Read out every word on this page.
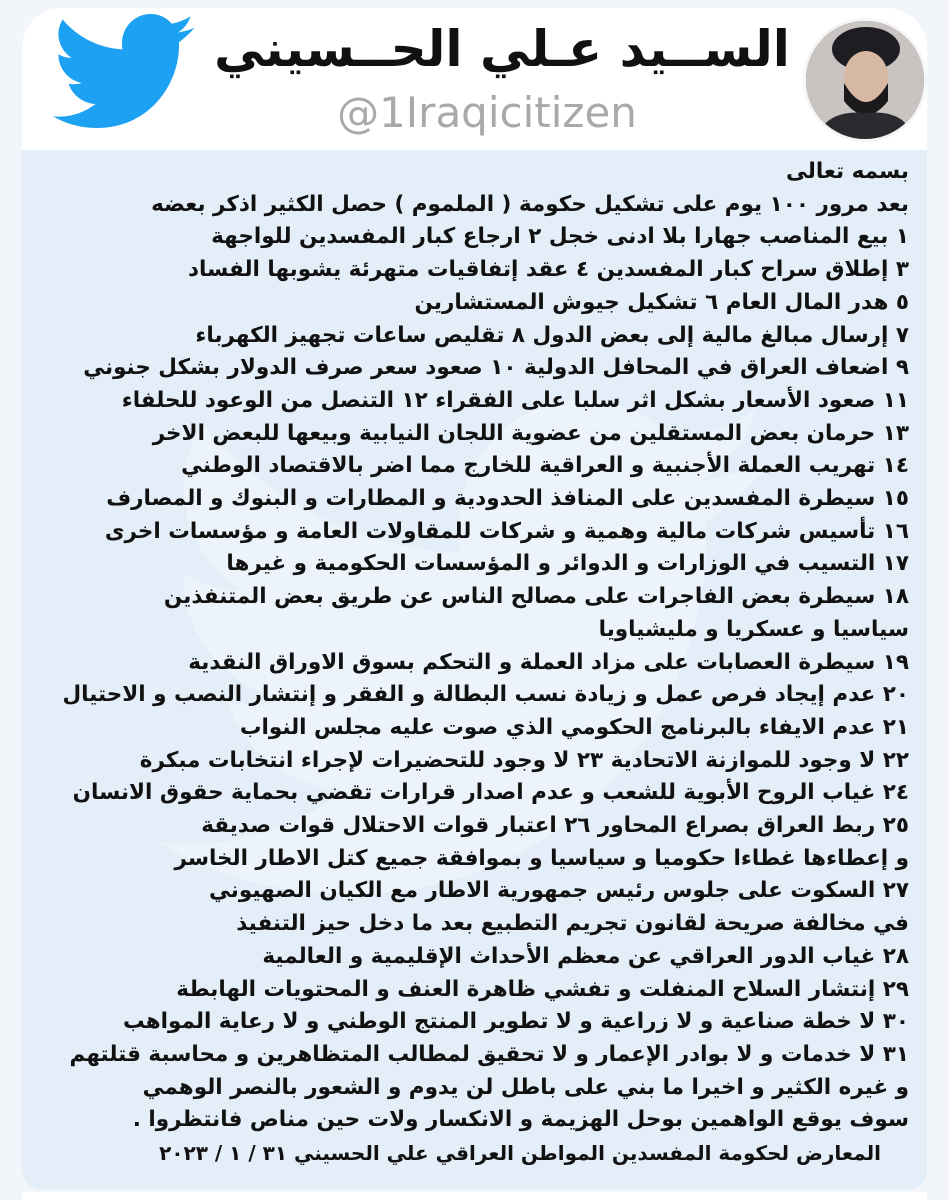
الســيد عـلي الحــسيني
@1Iraqicitizen
بسمه تعالى
بعد مرور ١٠٠ يوم على تشكيل حكومة ( الملموم ) حصل الكثير اذكر بعضه
١ بيع المناصب جهارا بلا ادنى خجل ٢ ارجاع كبار المفسدين للواجهة
٣ إطلاق سراح كبار المفسدين ٤ عقد إتفاقيات متهرئة يشوبها الفساد
٥ هدر المال العام ٦ تشكيل جيوش المستشارين
٧ إرسال مبالغ مالية إلى بعض الدول ٨ تقليص ساعات تجهيز الكهرباء
٩ اضعاف العراق في المحافل الدولية ١٠ صعود سعر صرف الدولار بشكل جنوني
١١ صعود الأسعار بشكل اثر سلبا على الفقراء ١٢ التنصل من الوعود للحلفاء
١٣ حرمان بعض المستقلين من عضوية اللجان النيابية وبيعها للبعض الاخر
١٤ تهريب العملة الأجنبية و العراقية للخارج مما اضر بالاقتصاد الوطني
١٥ سيطرة المفسدين على المنافذ الحدودية و المطارات و البنوك و المصارف
١٦ تأسيس شركات مالية وهمية و شركات للمقاولات العامة و مؤسسات اخرى
١٧ التسيب في الوزارات و الدوائر و المؤسسات الحكومية و غيرها
١٨ سيطرة بعض الفاجرات على مصالح الناس عن طريق بعض المتنفذين
سياسيا و عسكريا و مليشياويا
١٩ سيطرة العصابات على مزاد العملة و التحكم بسوق الاوراق النقدية
٢٠ عدم إيجاد فرص عمل و زيادة نسب البطالة و الفقر و إنتشار النصب و الاحتيال
٢١ عدم الايفاء بالبرنامج الحكومي الذي صوت عليه مجلس النواب
٢٢ لا وجود للموازنة الاتحادية ٢٣ لا وجود للتحضيرات لإجراء انتخابات مبكرة
٢٤ غياب الروح الأبوية للشعب و عدم اصدار قرارات تقضي بحماية حقوق الانسان
٢٥ ربط العراق بصراع المحاور ٢٦ اعتبار قوات الاحتلال قوات صديقة
و إعطاءها غطاءا حكوميا و سياسيا و بموافقة جميع كتل الاطار الخاسر
٢٧ السكوت على جلوس رئيس جمهورية الاطار مع الكيان الصهيوني
في مخالفة صريحة لقانون تجريم التطبيع بعد ما دخل حيز التنفيذ
٢٨ غياب الدور العراقي عن معظم الأحداث الإقليمية و العالمية
٢٩ إنتشار السلاح المنفلت و تفشي ظاهرة العنف و المحتويات الهابطة
٣٠ لا خطة صناعية و لا زراعية و لا تطوير المنتج الوطني و لا رعاية المواهب
٣١ لا خدمات و لا بوادر الإعمار و لا تحقيق لمطالب المتظاهرين و محاسبة قتلتهم
و غيره الكثير و اخيرا ما بني على باطل لن يدوم و الشعور بالنصر الوهمي
سوف يوقع الواهمين بوحل الهزيمة و الانكسار ولات حين مناص فانتظروا .
المعارض لحكومة المفسدين المواطن العراقي علي الحسيني ٣١ / ١ / ٢٠٢٣
